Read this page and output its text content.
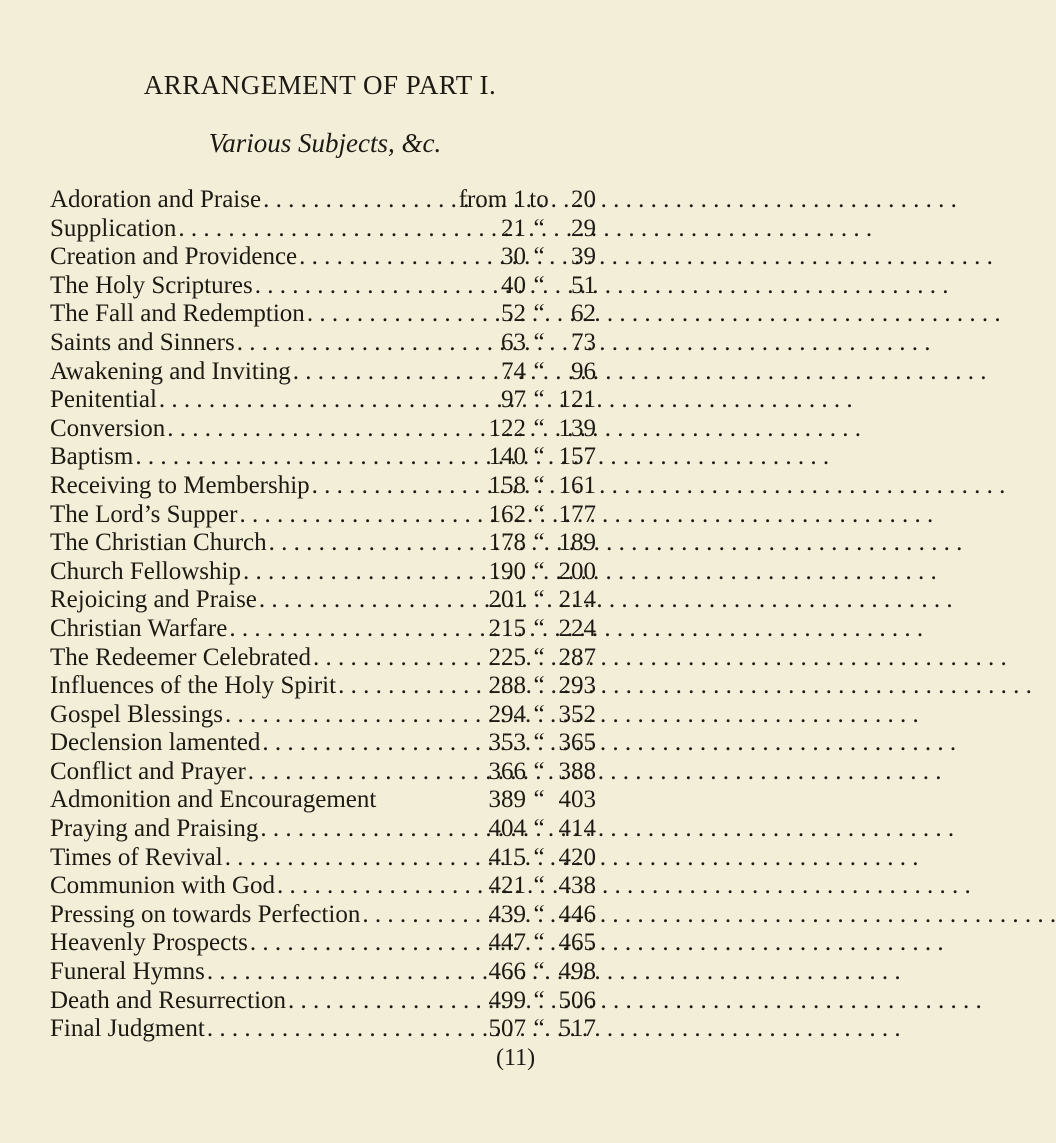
ARRANGEMENT OF PART I.
Various Subjects, &c.
Adoration and Praise . . .	from 1 to 20
Supplication . . .	21 “	29
Creation and Providence . . .	30 “	39
The Holy Scriptures . . .	40 “	51
The Fall and Redemption . . .	52 “	62
Saints and Sinners . . .	63 “	73
Awakening and Inviting . . .	74 “	96
Penitential . . .	97 “ 121
Conversion . . .	122 “ 139
Baptism . . .	140 “ 157
Receiving to Membership . . .	158 “ 161
The Lord’s Supper . . .	162 “ 177
The Christian Church . . .	178 “ 189
Church Fellowship . . .	190 “ 200
Rejoicing and Praise . . .	201 “ 214
Christian Warfare . . .	215 “ 224
The Redeemer Celebrated . . .	225 “ 287
Influences of the Holy Spirit . . .	288 “ 293
Gospel Blessings . . .	294 “ 352
Declension lamented . . .	353 “ 365
Conflict and Prayer . . .	366 “ 388
Admonition and Encouragement	389 “ 403
Praying and Praising . . .	404 “ 414
Times of Revival . . .	415 “ 420
Communion with God . . .	421 “ 438
Pressing on towards Perfection . . .	439 “ 446
Heavenly Prospects . . .	447 “ 465
Funeral Hymns . . .	466 “ 498
Death and Resurrection . . .	499 “ 506
Final Judgment . . .	507 “ 517
(11)
